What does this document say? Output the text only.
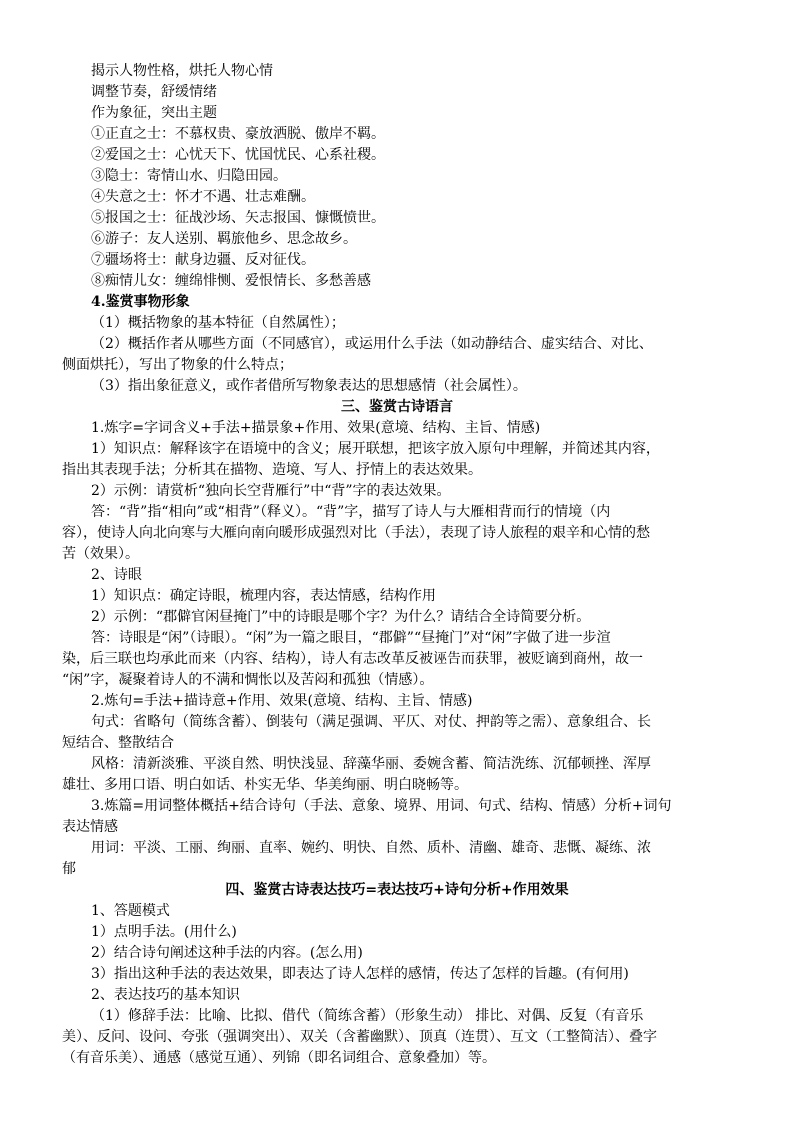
揭示人物性格，烘托人物心情
调整节奏，舒缓情绪
作为象征，突出主题
①正直之士：不慕权贵、豪放洒脱、傲岸不羁。
②爱国之士：心忧天下、忧国忧民、心系社稷。
③隐士：寄情山水、归隐田园。
④失意之士：怀才不遇、壮志难酬。
⑤报国之士：征战沙场、矢志报国、慷慨愤世。
⑥游子：友人送别、羁旅他乡、思念故乡。
⑦疆场将士：献身边疆、反对征伐。
⑧痴情儿女：缠绵悱恻、爱恨情长、多愁善感
4.鉴赏事物形象
（1）概括物象的基本特征（自然属性）；
（2）概括作者从哪些方面（不同感官），或运用什么手法（如动静结合、虚实结合、对比、
侧面烘托），写出了物象的什么特点；
（3）指出象征意义，或作者借所写物象表达的思想感情（社会属性）。
三、鉴赏古诗语言
1.炼字=字词含义+手法+描景象+作用、效果(意境、结构、主旨、情感)
1）知识点：解释该字在语境中的含义；展开联想，把该字放入原句中理解，并简述其内容，
指出其表现手法；分析其在描物、造境、写人、抒情上的表达效果。
2）示例：请赏析“独向长空背雁行”中“背”字的表达效果。
答：“背”指“相向”或“相背”（释义）。“背”字，描写了诗人与大雁相背而行的情境（内
容），使诗人向北向寒与大雁向南向暖形成强烈对比（手法），表现了诗人旅程的艰辛和心情的愁
苦（效果）。
2、诗眼
1）知识点：确定诗眼，梳理内容，表达情感，结构作用
2）示例：“郡僻官闲昼掩门”中的诗眼是哪个字？为什么？请结合全诗简要分析。
答：诗眼是“闲”（诗眼）。“闲”为一篇之眼目，“郡僻”“昼掩门”对“闲”字做了进一步渲
染，后三联也均承此而来（内容、结构），诗人有志改革反被诬告而获罪，被贬谪到商州，故一
“闲”字，凝聚着诗人的不满和惆怅以及苦闷和孤独（情感）。
2.炼句=手法+描诗意+作用、效果(意境、结构、主旨、情感)
句式：省略句（简练含蓄）、倒装句（满足强调、平仄、对仗、押韵等之需）、意象组合、长
短结合、整散结合
风格：清新淡雅、平淡自然、明快浅显、辞藻华丽、委婉含蓄、简洁洗练、沉郁顿挫、浑厚
雄壮、多用口语、明白如话、朴实无华、华美绚丽、明白晓畅等。
3.炼篇=用词整体概括+结合诗句（手法、意象、境界、用词、句式、结构、情感）分析+词句
表达情感
用词：平淡、工丽、绚丽、直率、婉约、明快、自然、质朴、清幽、雄奇、悲慨、凝练、浓
郁
四、鉴赏古诗表达技巧=表达技巧+诗句分析+作用效果
1、答题模式
1）点明手法。(用什么)
2）结合诗句阐述这种手法的内容。(怎么用)
3）指出这种手法的表达效果，即表达了诗人怎样的感情，传达了怎样的旨趣。(有何用)
2、表达技巧的基本知识
（1）修辞手法：比喻、比拟、借代（简练含蓄）（形象生动） 排比、对偶、反复（有音乐
美）、反问、设问、夸张（强调突出）、双关（含蓄幽默）、顶真（连贯）、互文（工整简洁）、叠字
（有音乐美）、通感（感觉互通）、列锦（即名词组合、意象叠加）等。
